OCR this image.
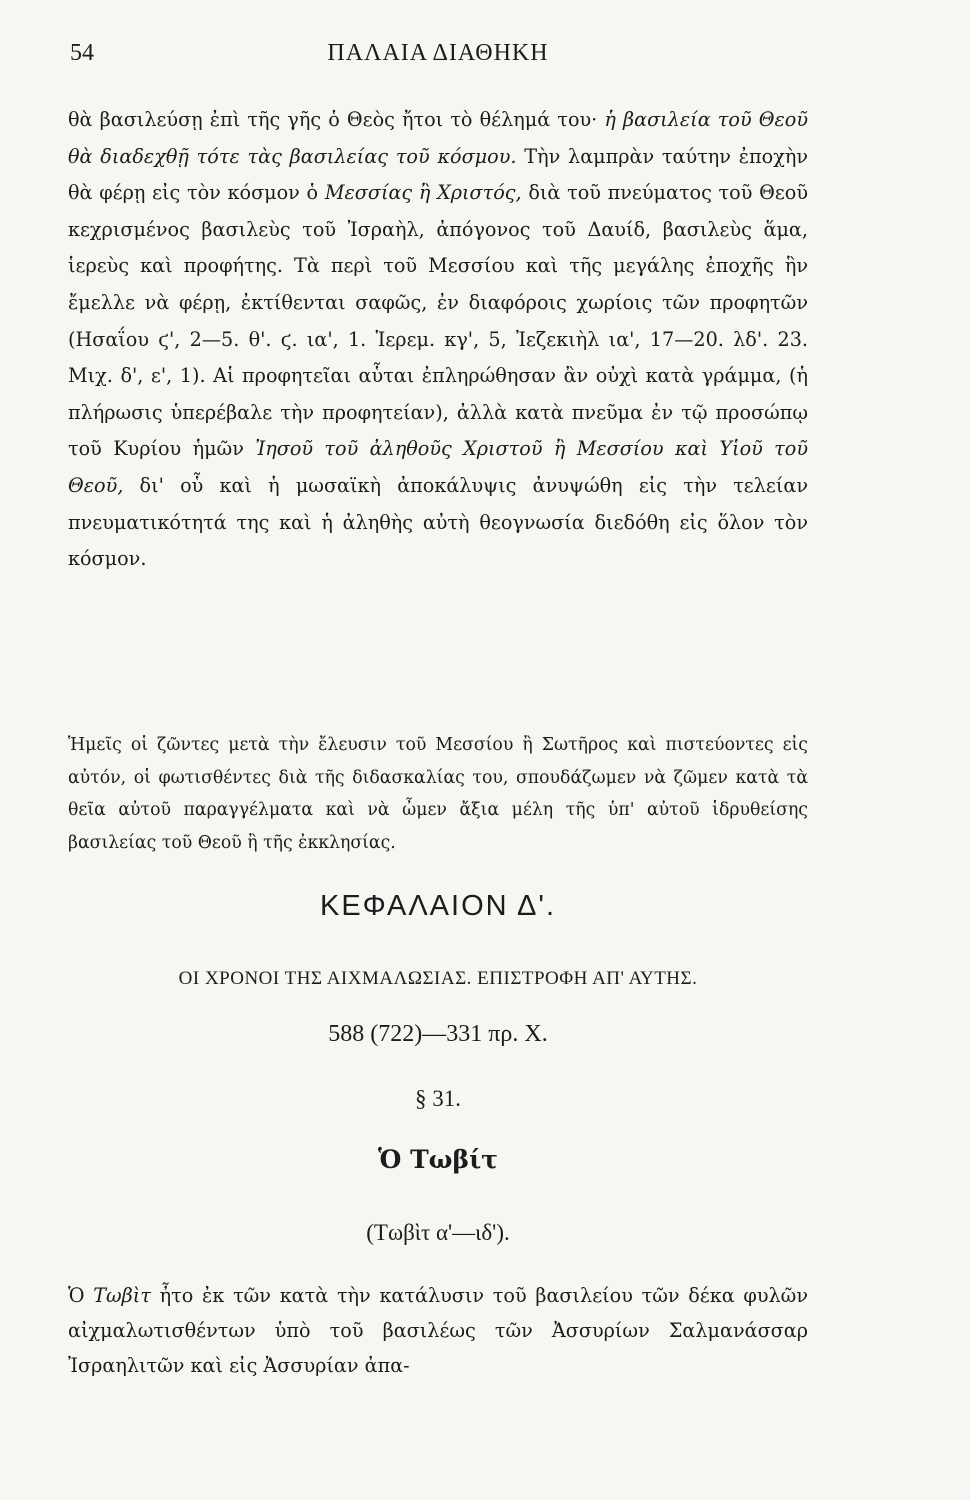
54	ΠΑΛΑΙΑ ΔΙΑΘΗΚΗ

θὰ βασιλεύσῃ ἐπὶ τῆς γῆς ὁ Θεὸς ἤτοι τὸ θέλημά του· ἡ βασιλεία τοῦ Θεοῦ θὰ διαδεχθῇ τότε τὰς βασιλείας τοῦ κόσμου. Τὴν λαμπρὰν ταύτην ἐποχὴν θὰ φέρῃ εἰς τὸν κόσμον ὁ Μεσσίας ἢ Χριστός, διὰ τοῦ πνεύματος τοῦ Θεοῦ κεχρισμένος βασιλεὺς τοῦ Ἰσραὴλ, ἀπόγονος τοῦ Δαυίδ, βασιλεὺς ἅμα, ἱερεὺς καὶ προφήτης. Τὰ περὶ τοῦ Μεσσίου καὶ τῆς μεγάλης ἐποχῆς ἣν ἔμελλε νὰ φέρῃ, ἐκτίθενται σαφῶς, ἐν διαφόροις χωρίοις τῶν προφητῶν (Ησαΐου ϛ', 2—5. θ'. ϛ. ια', 1. Ἱερεμ. κγ', 5, Ἰεζεκιὴλ ια', 17—20. λδ'. 23. Μιχ. δ', ε', 1). Αἱ προφητεῖαι αὗται ἐπληρώθησαν ἂν οὐχὶ κατὰ γράμμα, (ἡ πλήρωσις ὑπερέβαλε τὴν προφητείαν), ἀλλὰ κατὰ πνεῦμα ἐν τῷ προσώπῳ τοῦ Κυρίου ἡμῶν Ἰησοῦ τοῦ ἀληθοῦς Χριστοῦ ἢ Μεσσίου καὶ Υἱοῦ τοῦ Θεοῦ, δι' οὗ καὶ ἡ μωσαϊκὴ ἀποκάλυψις ἀνυψώθη εἰς τὴν τελείαν πνευματικότητά της καὶ ἡ ἀληθὴς αὐτὴ θεογνωσία διεδόθη εἰς ὅλον τὸν κόσμον.

Ἡμεῖς οἱ ζῶντες μετὰ τὴν ἔλευσιν τοῦ Μεσσίου ἢ Σωτῆρος καὶ πιστεύοντες εἰς αὐτόν, οἱ φωτισθέντες διὰ τῆς διδασκαλίας του, σπουδάζωμεν νὰ ζῶμεν κατὰ τὰ θεῖα αὐτοῦ παραγγέλματα καὶ νὰ ὦμεν ἄξια μέλη τῆς ὑπ' αὐτοῦ ἱδρυθείσης βασιλείας τοῦ Θεοῦ ἢ τῆς ἐκκλησίας.

ΚΕΦΑΛΑΙΟΝ Δ'.
ΟΙ ΧΡΟΝΟΙ ΤΗΣ ΑΙΧΜΑΛΩΣΙΑΣ. ΕΠΙΣΤΡΟΦΗ ΑΠ' ΑΥΤΗΣ.
588 (722)—331 πρ. Χ.
§ 31.
Ὁ Τωβίτ
(Τωβὶτ α'—ιδ').

Ὁ Τωβὶτ ἦτο ἐκ τῶν κατὰ τὴν κατάλυσιν τοῦ βασιλείου τῶν δέκα φυλῶν αἰχμαλωτισθέντων ὑπὸ τοῦ βασιλέως τῶν Ἀσσυρίων Σαλμανάσσαρ Ἰσραηλιτῶν καὶ εἰς Ἀσσυρίαν ἀπα-
